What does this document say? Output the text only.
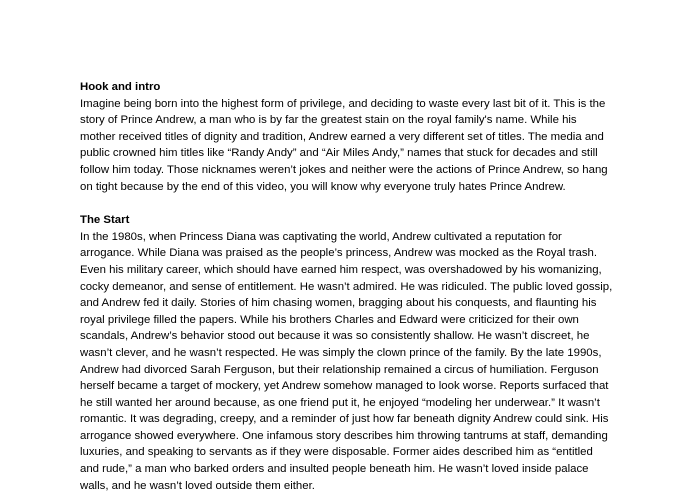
Hook and intro

Imagine being born into the highest form of privilege, and deciding to waste every last bit of it. This is the
story of Prince Andrew, a man who is by far the greatest stain on the royal family's name. While his
mother received titles of dignity and tradition, Andrew earned a very different set of titles. The media and
public crowned him titles like “Randy Andy” and “Air Miles Andy,” names that stuck for decades and still
follow him today. Those nicknames weren’t jokes and neither were the actions of Prince Andrew, so hang
on tight because by the end of this video, you will know why everyone truly hates Prince Andrew.

The Start

In the 1980s, when Princess Diana was captivating the world, Andrew cultivated a reputation for
arrogance. While Diana was praised as the people’s princess, Andrew was mocked as the Royal trash.
Even his military career, which should have earned him respect, was overshadowed by his womanizing,
cocky demeanor, and sense of entitlement. He wasn’t admired. He was ridiculed. The public loved gossip,
and Andrew fed it daily. Stories of him chasing women, bragging about his conquests, and flaunting his
royal privilege filled the papers. While his brothers Charles and Edward were criticized for their own
scandals, Andrew’s behavior stood out because it was so consistently shallow. He wasn’t discreet, he
wasn’t clever, and he wasn’t respected. He was simply the clown prince of the family. By the late 1990s,
Andrew had divorced Sarah Ferguson, but their relationship remained a circus of humiliation. Ferguson
herself became a target of mockery, yet Andrew somehow managed to look worse. Reports surfaced that
he still wanted her around because, as one friend put it, he enjoyed “modeling her underwear.” It wasn’t
romantic. It was degrading, creepy, and a reminder of just how far beneath dignity Andrew could sink. His
arrogance showed everywhere. One infamous story describes him throwing tantrums at staff, demanding
luxuries, and speaking to servants as if they were disposable. Former aides described him as “entitled
and rude,” a man who barked orders and insulted people beneath him. He wasn’t loved inside palace
walls, and he wasn’t loved outside them either.
